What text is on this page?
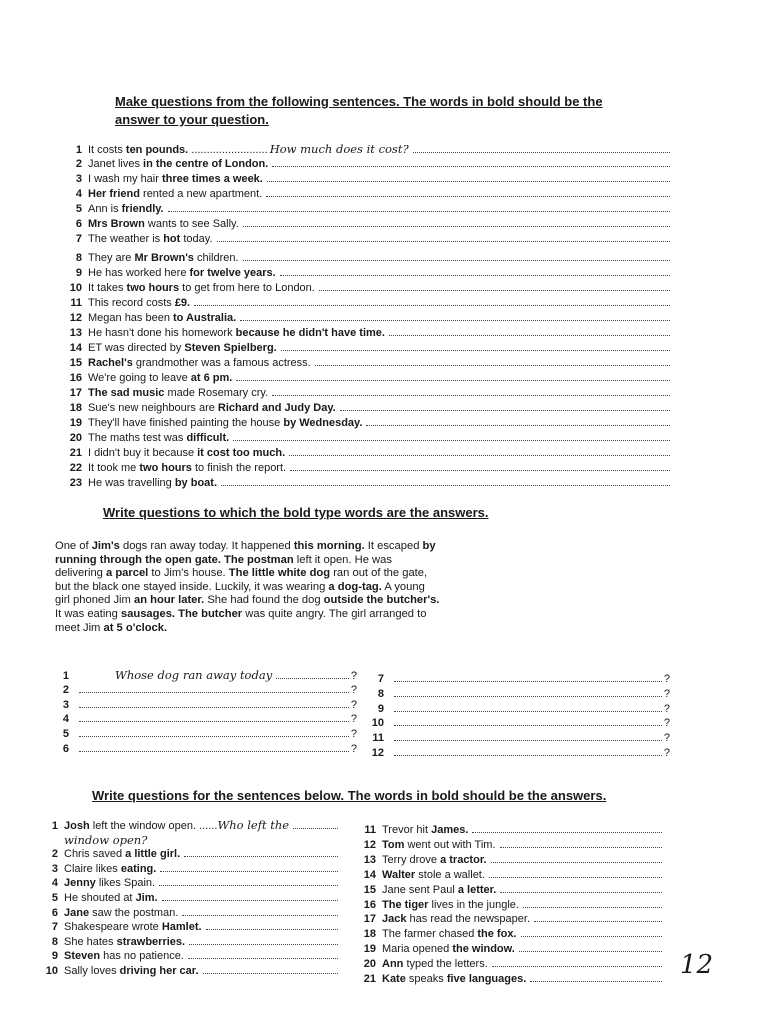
Make questions from the following sentences. The words in bold should be the
answer to your question.
1 It costs ten pounds. ......................... How much does it cost?
2 Janet lives in the centre of London.
3 I wash my hair three times a week.
4 Her friend rented a new apartment.
5 Ann is friendly.
6 Mrs Brown wants to see Sally.
7 The weather is hot today.
8 They are Mr Brown's children.
9 He has worked here for twelve years.
10 It takes two hours to get from here to London.
11 This record costs £9.
12 Megan has been to Australia.
13 He hasn't done his homework because he didn't have time.
14 ET was directed by Steven Spielberg.
15 Rachel's grandmother was a famous actress.
16 We're going to leave at 6 pm.
17 The sad music made Rosemary cry.
18 Sue's new neighbours are Richard and Judy Day.
19 They'll have finished painting the house by Wednesday.
20 The maths test was difficult.
21 I didn't buy it because it cost too much.
22 It took me two hours to finish the report.
23 He was travelling by boat.
Write questions to which the bold type words are the answers.
One of Jim's dogs ran away today. It happened this morning. It escaped by running through the open gate. The postman left it open. He was delivering a parcel to Jim's house. The little white dog ran out of the gate, but the black one stayed inside. Luckily, it was wearing a dog-tag. A young girl phoned Jim an hour later. She had found the dog outside the butcher's. It was eating sausages. The butcher was quite angry. The girl arranged to meet Jim at 5 o'clock.
1	Whose dog ran away today	?
2	?
3	?
4	?
5	?
6	?
7	?
8	?
9	?
10	?
11	?
12	?
Write questions for the sentences below. The words in bold should be the answers.
1 Josh left the window open. ...... Who left the
window open?
2 Chris saved a little girl.
3 Claire likes eating.
4 Jenny likes Spain.
5 He shouted at Jim.
6 Jane saw the postman.
7 Shakespeare wrote Hamlet.
8 She hates strawberries.
9 Steven has no patience.
10 Sally loves driving her car.
11 Trevor hit James.
12 Tom went out with Tim.
13 Terry drove a tractor.
14 Walter stole a wallet.
15 Jane sent Paul a letter.
16 The tiger lives in the jungle.
17 Jack has read the newspaper.
18 The farmer chased the fox.
19 Maria opened the window.
20 Ann typed the letters.
21 Kate speaks five languages.	12
